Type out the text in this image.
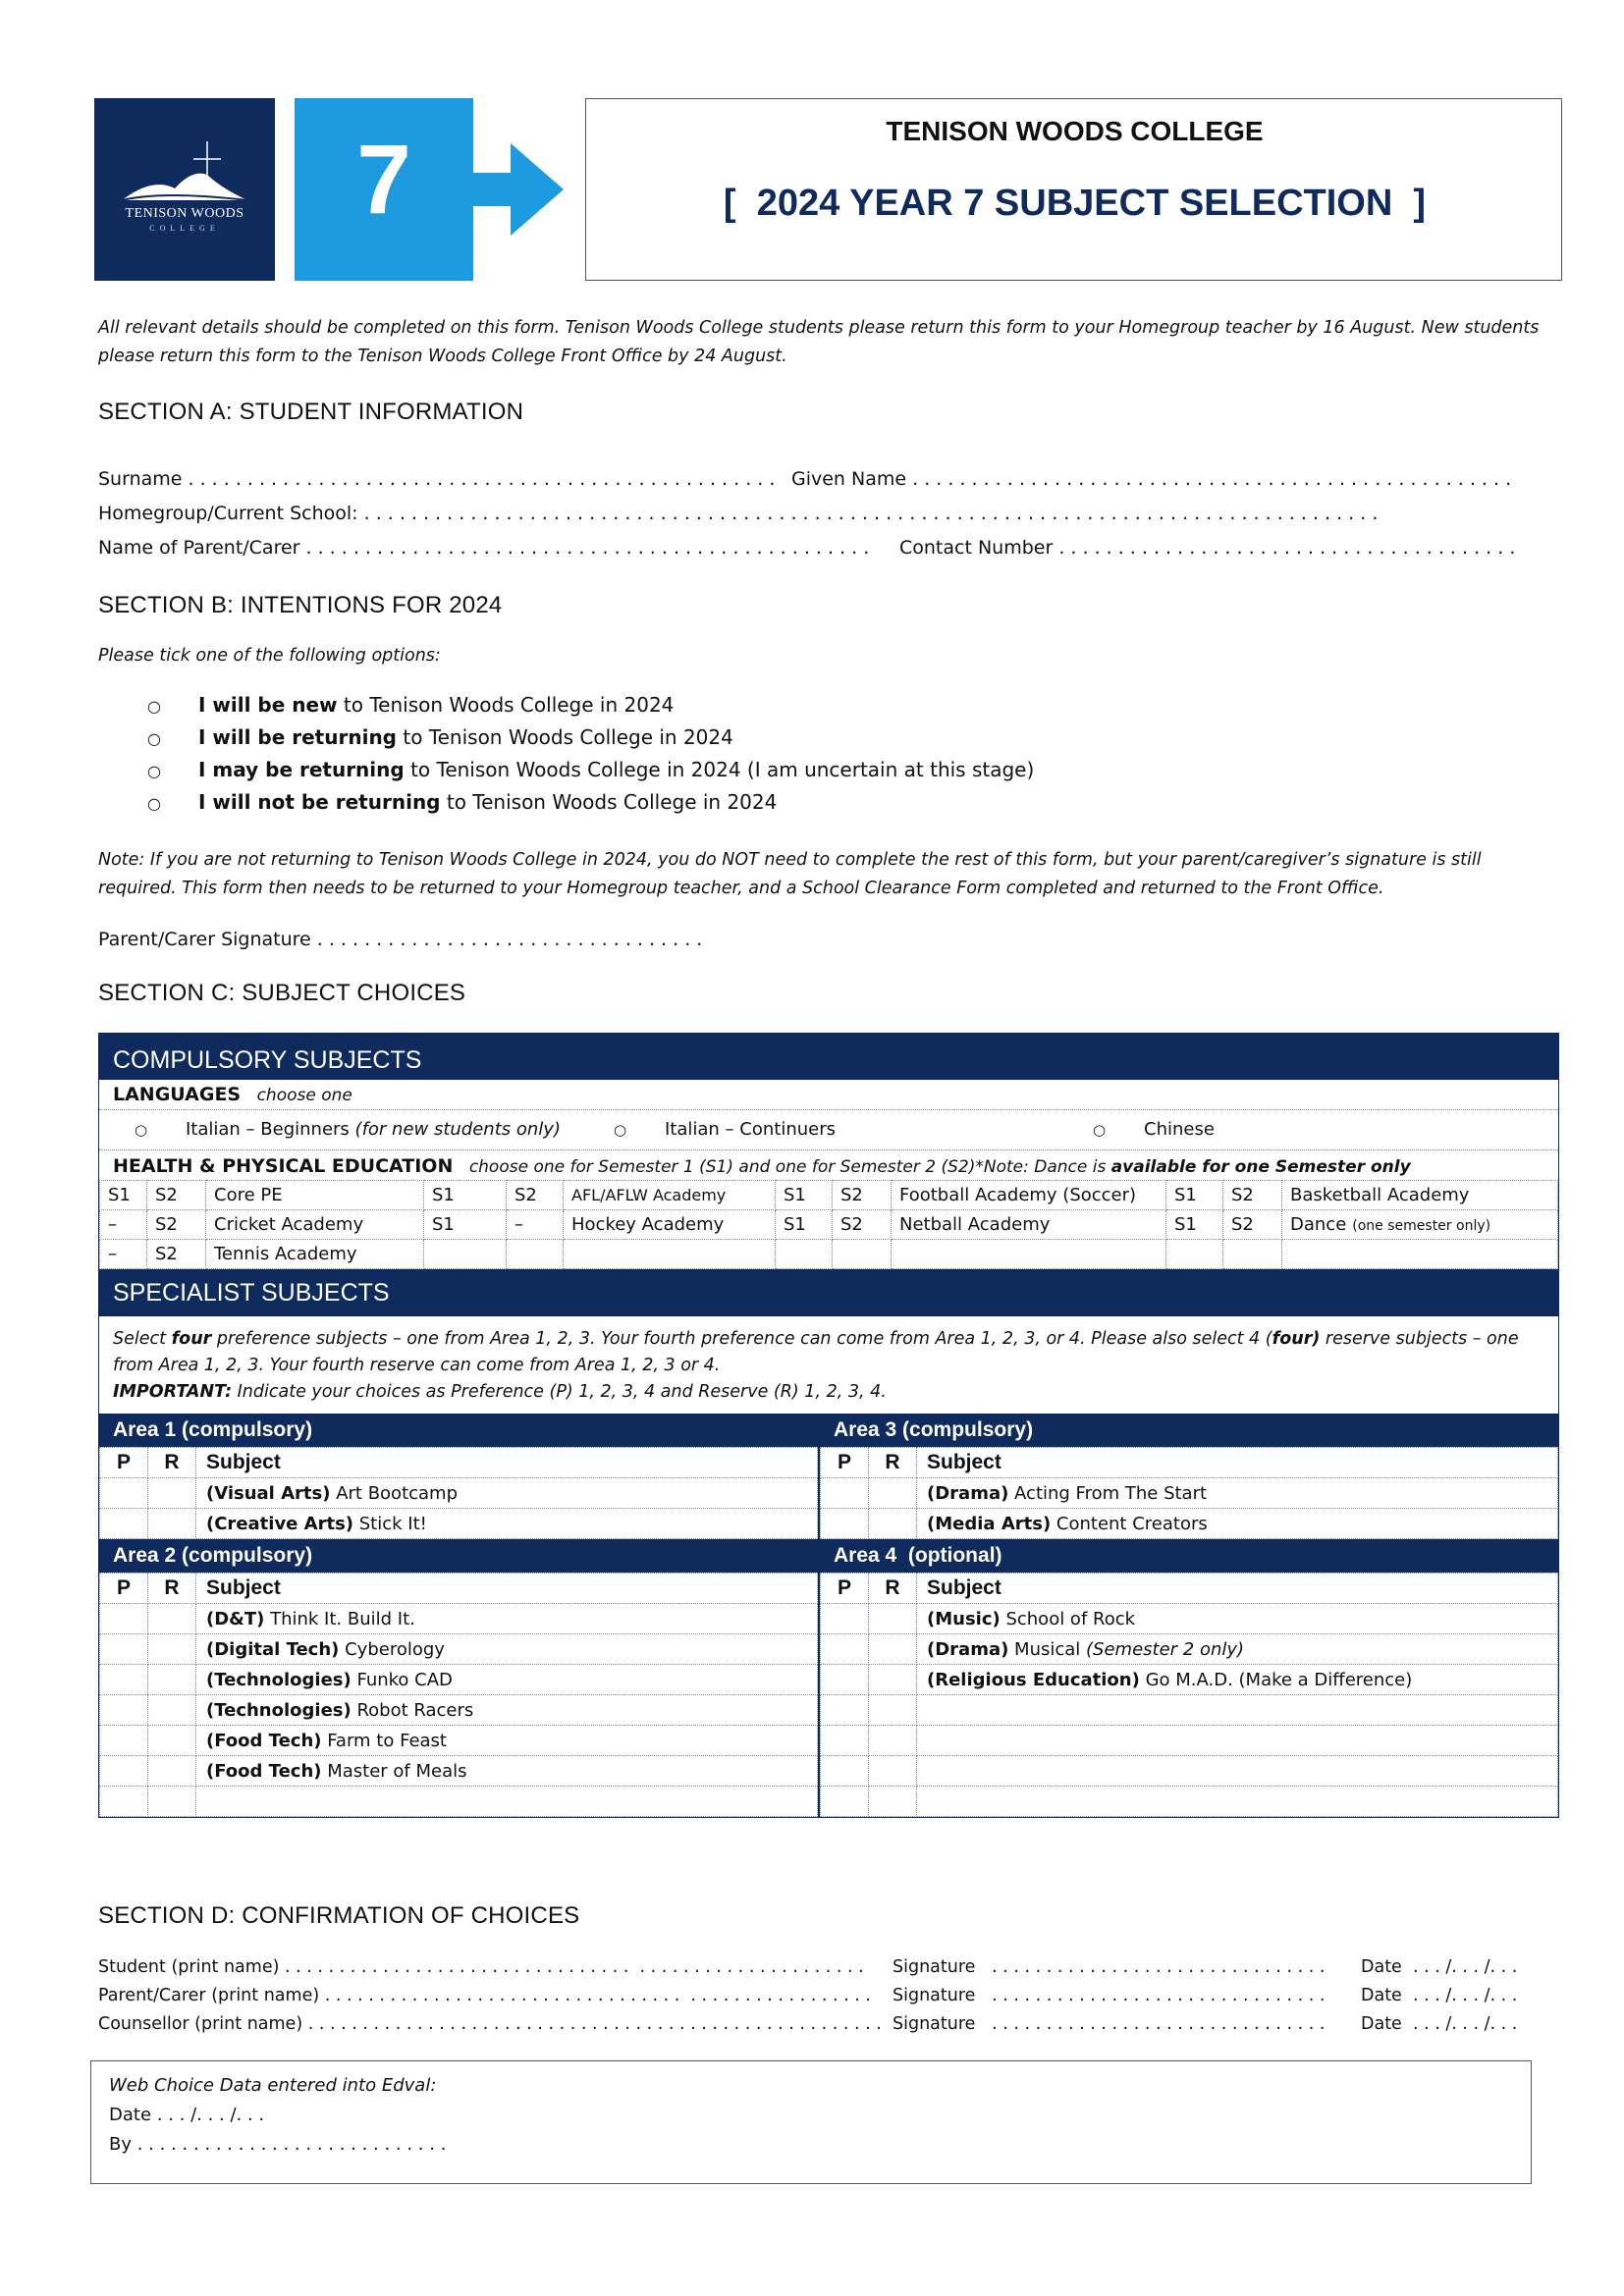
TENISON WOODS
COLLEGE	7	TENISON WOODS COLLEGE
[  2024 YEAR 7 SUBJECT SELECTION  ]
All relevant details should be completed on this form. Tenison Woods College students please return this form to your Homegroup teacher by 16 August. New students please return this form to the Tenison Woods College Front Office by 24 August.
SECTION A: STUDENT INFORMATION
Surname . . . . . . . . . . . . . . . . . . . . . . . . . . . . . . . . . . . . . . . . . . . . . . . . . . Given Name . . . . . . . . . . . . . . . . . . . . . . . . . . . . . . . . . . . . . . . . . . . . . . . . . . .
Homegroup/Current School: . . . . . . . . . . . . . . . . . . . . . . . . . . . . . . . . . . . . . . . . . . . . . . . . . . . . . . . . . . . . . . . . . . . . . . . . . . . . . . . . . . . . . .
Name of Parent/Carer . . . . . . . . . . . . . . . . . . . . . . . . . . . . . . . . . . . . . . . . . . . . . . . . Contact Number . . . . . . . . . . . . . . . . . . . . . . . . . . . . . . . . . . . . . . .
SECTION B: INTENTIONS FOR 2024
Please tick one of the following options:
○ I will be new to Tenison Woods College in 2024
○ I will be returning to Tenison Woods College in 2024
○ I may be returning to Tenison Woods College in 2024 (I am uncertain at this stage)
○ I will not be returning to Tenison Woods College in 2024
Note: If you are not returning to Tenison Woods College in 2024, you do NOT need to complete the rest of this form, but your parent/caregiver’s signature is still required. This form then needs to be returned to your Homegroup teacher, and a School Clearance Form completed and returned to the Front Office.
Parent/Carer Signature . . . . . . . . . . . . . . . . . . . . . . . . . . . . . . . . .
SECTION C: SUBJECT CHOICES
COMPULSORY SUBJECTS
LANGUAGES choose one
○ Italian – Beginners (for new students only)	○ Italian – Continuers	○ Chinese
HEALTH & PHYSICAL EDUCATION choose one for Semester 1 (S1) and one for Semester 2 (S2)*Note: Dance is available for one Semester only
S1	S2	Core PE	S1	S2	AFL/AFLW Academy	S1	S2	Football Academy (Soccer)	S1	S2	Basketball Academy
–	S2	Cricket Academy	S1	–	Hockey Academy	S1	S2	Netball Academy	S1	S2	Dance (one semester only)
–	S2	Tennis Academy									
SPECIALIST SUBJECTS
Select four preference subjects – one from Area 1, 2, 3. Your fourth preference can come from Area 1, 2, 3, or 4. Please also select 4 (four) reserve subjects – one
from Area 1, 2, 3. Your fourth reserve can come from Area 1, 2, 3 or 4.
IMPORTANT: Indicate your choices as Preference (P) 1, 2, 3, 4 and Reserve (R) 1, 2, 3, 4.
Area 1 (compulsory)
P	R	Subject
		(Visual Arts) Art Bootcamp
		(Creative Arts) Stick It!
Area 2 (compulsory)
P	R	Subject
		(D&T) Think It. Build It.
		(Digital Tech) Cyberology
		(Technologies) Funko CAD
		(Technologies) Robot Racers
		(Food Tech) Farm to Feast
		(Food Tech) Master of Meals

Area 3 (compulsory)
P	R	Subject
		(Drama) Acting From The Start
		(Media Arts) Content Creators
Area 4  (optional)
P	R	Subject
		(Music) School of Rock
		(Drama) Musical (Semester 2 only)
		(Religious Education) Go M.A.D. (Make a Difference)

SECTION D: CONFIRMATION OF CHOICES
Student (print name) . . . . . . . . . . . . . . . . . . . . . . . . . . . . . . . .  . . . . . . . . . . . . . . . . . . . . . Signature   . . . . . . . . . . . . . . . . . . . . . . . . . . . . . . . Date  . . . /. . . /. . .
Parent/Carer (print name) . . . . . . . . . . . . . . . . . . . . . . . . . . . . . . . . .  . . . . . . . . . . . . . . . . . Signature   . . . . . . . . . . . . . . . . . . . . . . . . . . . . . . . Date  . . . /. . . /. . .
Counsellor (print name) . . . . . . . . . . . . . . . . . . . . . . . . . . . . . . . . . . . . . . . . . . . . . . . . . . . . . Signature   . . . . . . . . . . . . . . . . . . . . . . . . . . . . . . . Date  . . . /. . . /. . .
Web Choice Data entered into Edval:
Date . . . /. . . /. . .
By . . . . . . . . . . . . . . . . . . . . . . . . . . . .
